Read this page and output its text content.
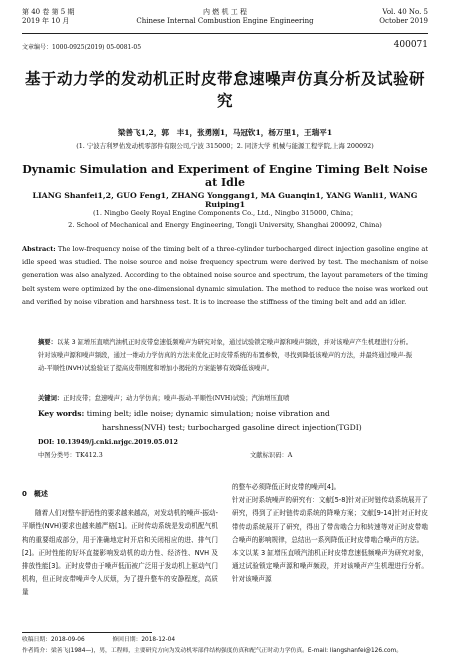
第 40 卷 第 5 期
2019 年 10 月
内 燃 机 工 程
Chinese Internal Combustion Engine Engineering
Vol. 40 No. 5
October 2019
文章编号：1000-0925(2019) 05-0081-05	400071
基于动力学的发动机正时皮带怠速噪声仿真分析及试验研究
梁善飞1,2，郭　丰1，张勇刚1，马冠钦1，杨万里1，王瑞平1
(1. 宁波吉利罗佑发动机零部件有限公司,宁波 315000；2. 同济大学 机械与能源工程学院,上海 200092)
Dynamic Simulation and Experiment of Engine Timing Belt Noise at Idle
LIANG Shanfei1,2, GUO Feng1, ZHANG Yonggang1, MA Guanqin1, YANG Wanli1, WANG Ruiping1
(1. Ningbo Geely Royal Engine Components Co., Ltd., Ningbo 315000, China；
2. School of Mechanical and Energy Engineering, Tongji University, Shanghai 200092, China)
Abstract: The low-frequency noise of the timing belt of a three-cylinder turbocharged direct injection gasoline engine at idle speed was studied. The noise source and noise frequency spectrum were derived by test. The mechanism of noise generation was also analyzed. According to the obtained noise source and spectrum, the layout parameters of the timing belt system were optimized by the one-dimensional dynamic simulation. The method to reduce the noise was worked out and verified by noise vibration and harshness test. It is to increase the stiffness of the timing belt and add an idler.
摘要：以某 3 缸增压直喷汽油机正时皮带怠速低频噪声为研究对象，通过试验锁定噪声源和噪声频段，并对该噪声产生机理进行分析。针对该噪声源和噪声频段，通过一维动力学仿真的方法来优化正时皮带系统的布置参数，寻找到降低该噪声的方法，并最终通过噪声-振动-平顺性(NVH)试验验证了提高皮带刚度和增加小揭轮的方案能够有效降低该噪声。
关键词：正时皮带；怠速噪声；动力学仿真；噪声-振动-平顺性(NVH)试验；汽油增压直喷
Key words: timing belt; idle noise; dynamic simulation; noise vibration and
harshness(NVH) test; turbocharged gasoline direct injection(TGDI)
DOI: 10.13949/j.cnki.nrjgc.2019.05.012
中图分类号：TK412.3	文献标识码：A
0　概述
随着人们对整车舒适性的要求越来越高，对发动机的噪声-振动-平顺性(NVH)要求也越来越严格[1]。正时传动系统是发动机配气机构的重要组成部分，用于准确地定时开启和关闭相应的进、排气门[2]。正时性能的好坏直接影响发动机的动力性、经济性、NVH 及排放性能[3]。正时皮带由于噪声低而被广泛用于发动机上驱动气门机构，但正时皮带噪声令人厌烦，为了提升整车的安静程度，高质量
的整车必须降低正时皮带的噪声[4]。
针对正时系统噪声的研究有：文献[5-8]针对正时链传动系统展开了研究，得到了正时链传动系统的降噪方案；文献[9-14]针对正时皮带传动系统展开了研究，得出了带齿啮合力和转速等对正时皮带啮合噪声的影响规律，总结出一系列降低正时皮带啮合噪声的方法。
本文以某 3 缸增压直喷汽油机正时皮带怠速低频噪声为研究对象，通过试验锁定噪声源和噪声频段，并对该噪声产生机理进行分析。针对该噪声源
收稿日期：2018-09-06	修回日期：2018-12-04
作者简介：梁善飞(1984—)，男，工程师，主要研究方向为发动机零部件结构强度仿真和配气正时动力学仿真。E-mail: liangshanfei@126.com。
